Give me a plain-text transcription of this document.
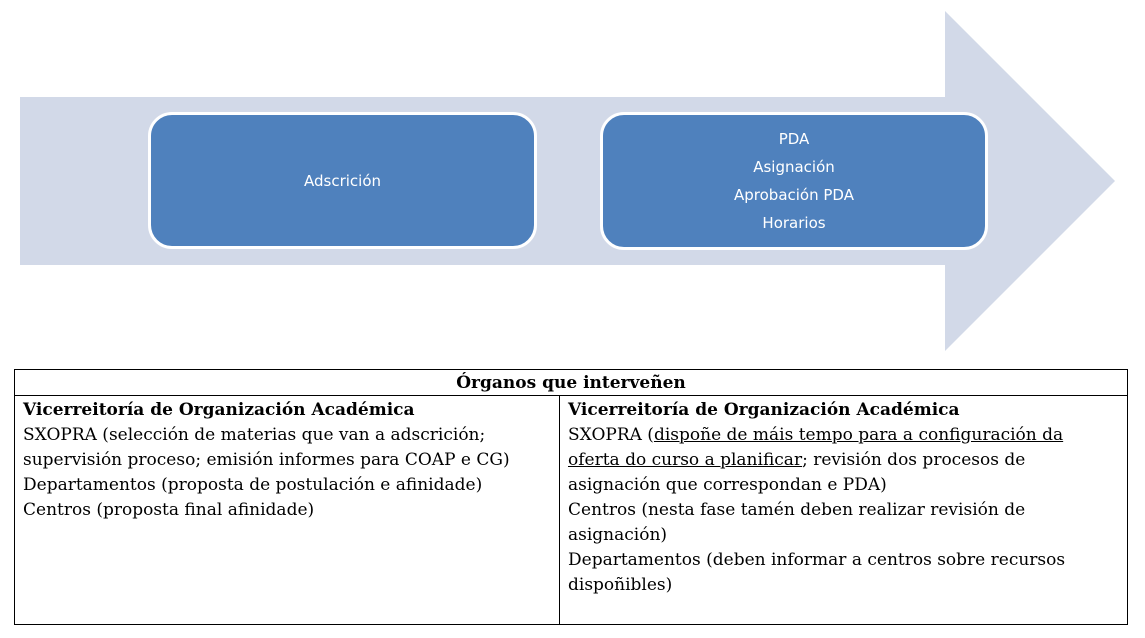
Adscrición
PDA
Asignación
Aprobación PDA
Horarios
Órganos que interveñen

Vicerreitoría de Organización Académica
SXOPRA (selección de materias que van a adscrición;
supervisión proceso; emisión informes para COAP e CG)
Departamentos (proposta de postulación e afinidade)
Centros (proposta final afinidade)

Vicerreitoría de Organización Académica
SXOPRA (dispoñe de máis tempo para a configuración da
oferta do curso a planificar; revisión dos procesos de
asignación que correspondan e PDA)
Centros (nesta fase tamén deben realizar revisión de
asignación)
Departamentos (deben informar a centros sobre recursos
dispoñibles)
